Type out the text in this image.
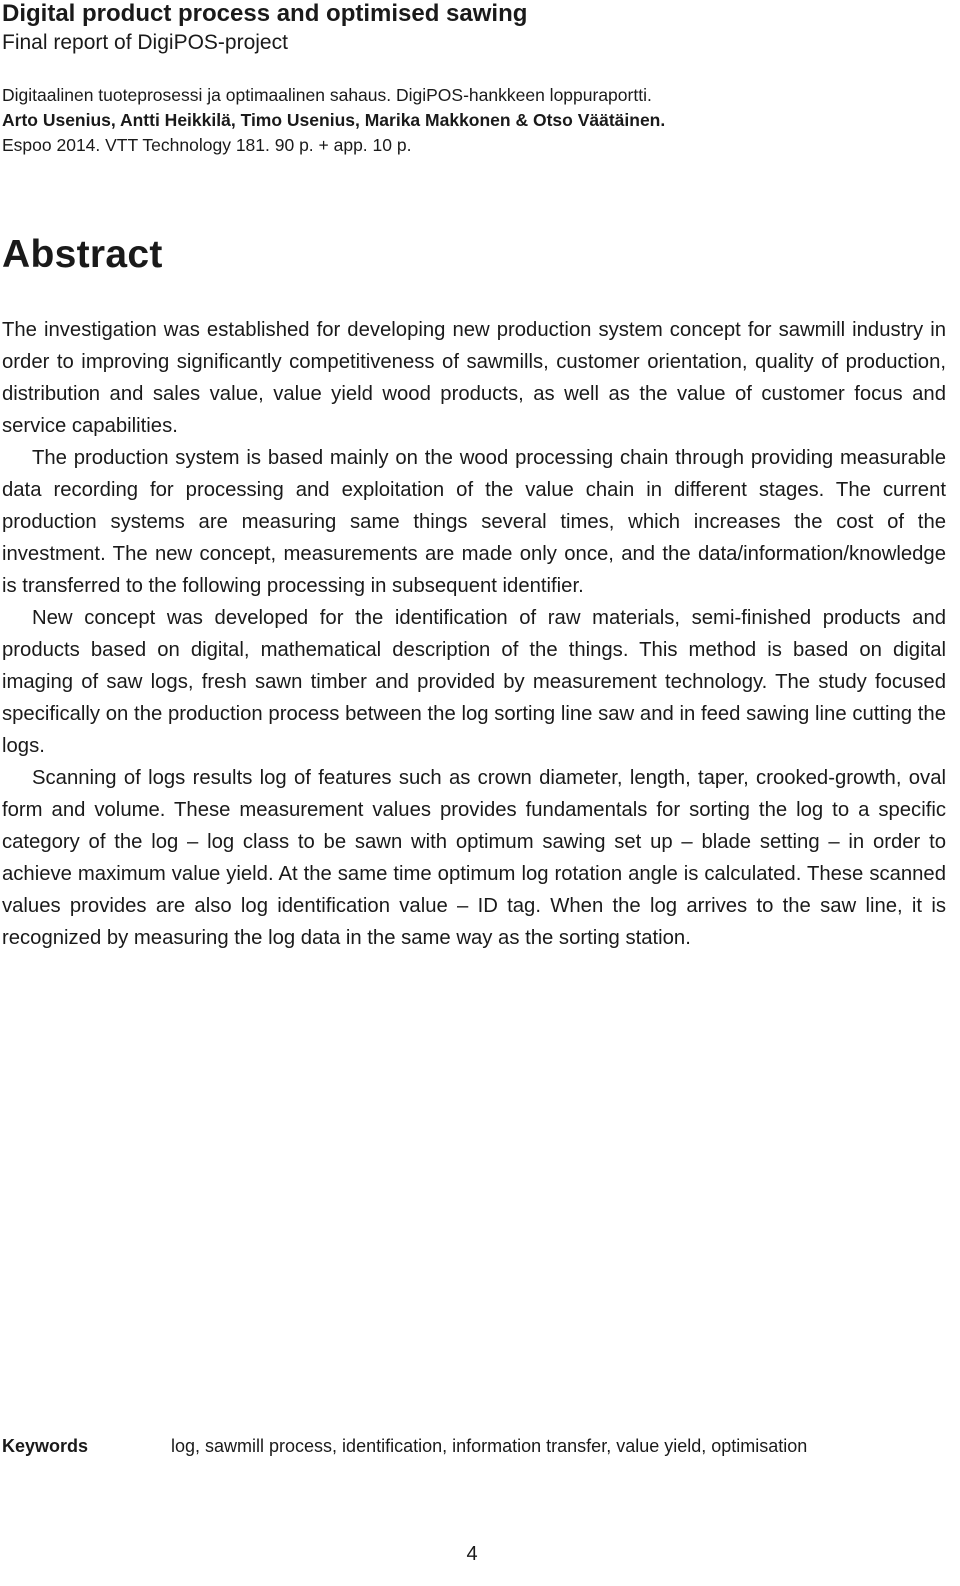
Digital product process and optimised sawing
Final report of DigiPOS-project
Digitaalinen tuoteprosessi ja optimaalinen sahaus. DigiPOS-hankkeen loppuraportti.
Arto Usenius, Antti Heikkilä, Timo Usenius, Marika Makkonen & Otso Väätäinen.
Espoo 2014. VTT Technology 181. 90 p. + app. 10 p.
Abstract

The investigation was established for developing new production system concept for sawmill industry in order to improving significantly competitiveness of sawmills, customer orientation, quality of production, distribution and sales value, value yield wood products, as well as the value of customer focus and service capabilities.

The production system is based mainly on the wood processing chain through providing measurable data recording for processing and exploitation of the value chain in different stages. The current production systems are measuring same things several times, which increases the cost of the investment. The new concept, measurements are made only once, and the data/information/knowledge is transferred to the following processing in subsequent identifier.

New concept was developed for the identification of raw materials, semi-finished products and products based on digital, mathematical description of the things. This method is based on digital imaging of saw logs, fresh sawn timber and provided by measurement technology. The study focused specifically on the production process between the log sorting line saw and in feed sawing line cutting the logs.

Scanning of logs results log of features such as crown diameter, length, taper, crooked-growth, oval form and volume. These measurement values provides fundamentals for sorting the log to a specific category of the log – log class to be sawn with optimum sawing set up – blade setting – in order to achieve maximum value yield. At the same time optimum log rotation angle is calculated. These scanned values provides are also log identification value – ID tag. When the log arrives to the saw line, it is recognized by measuring the log data in the same way as the sorting station.

Keywords	log, sawmill process, identification, information transfer, value yield, optimisation
4
